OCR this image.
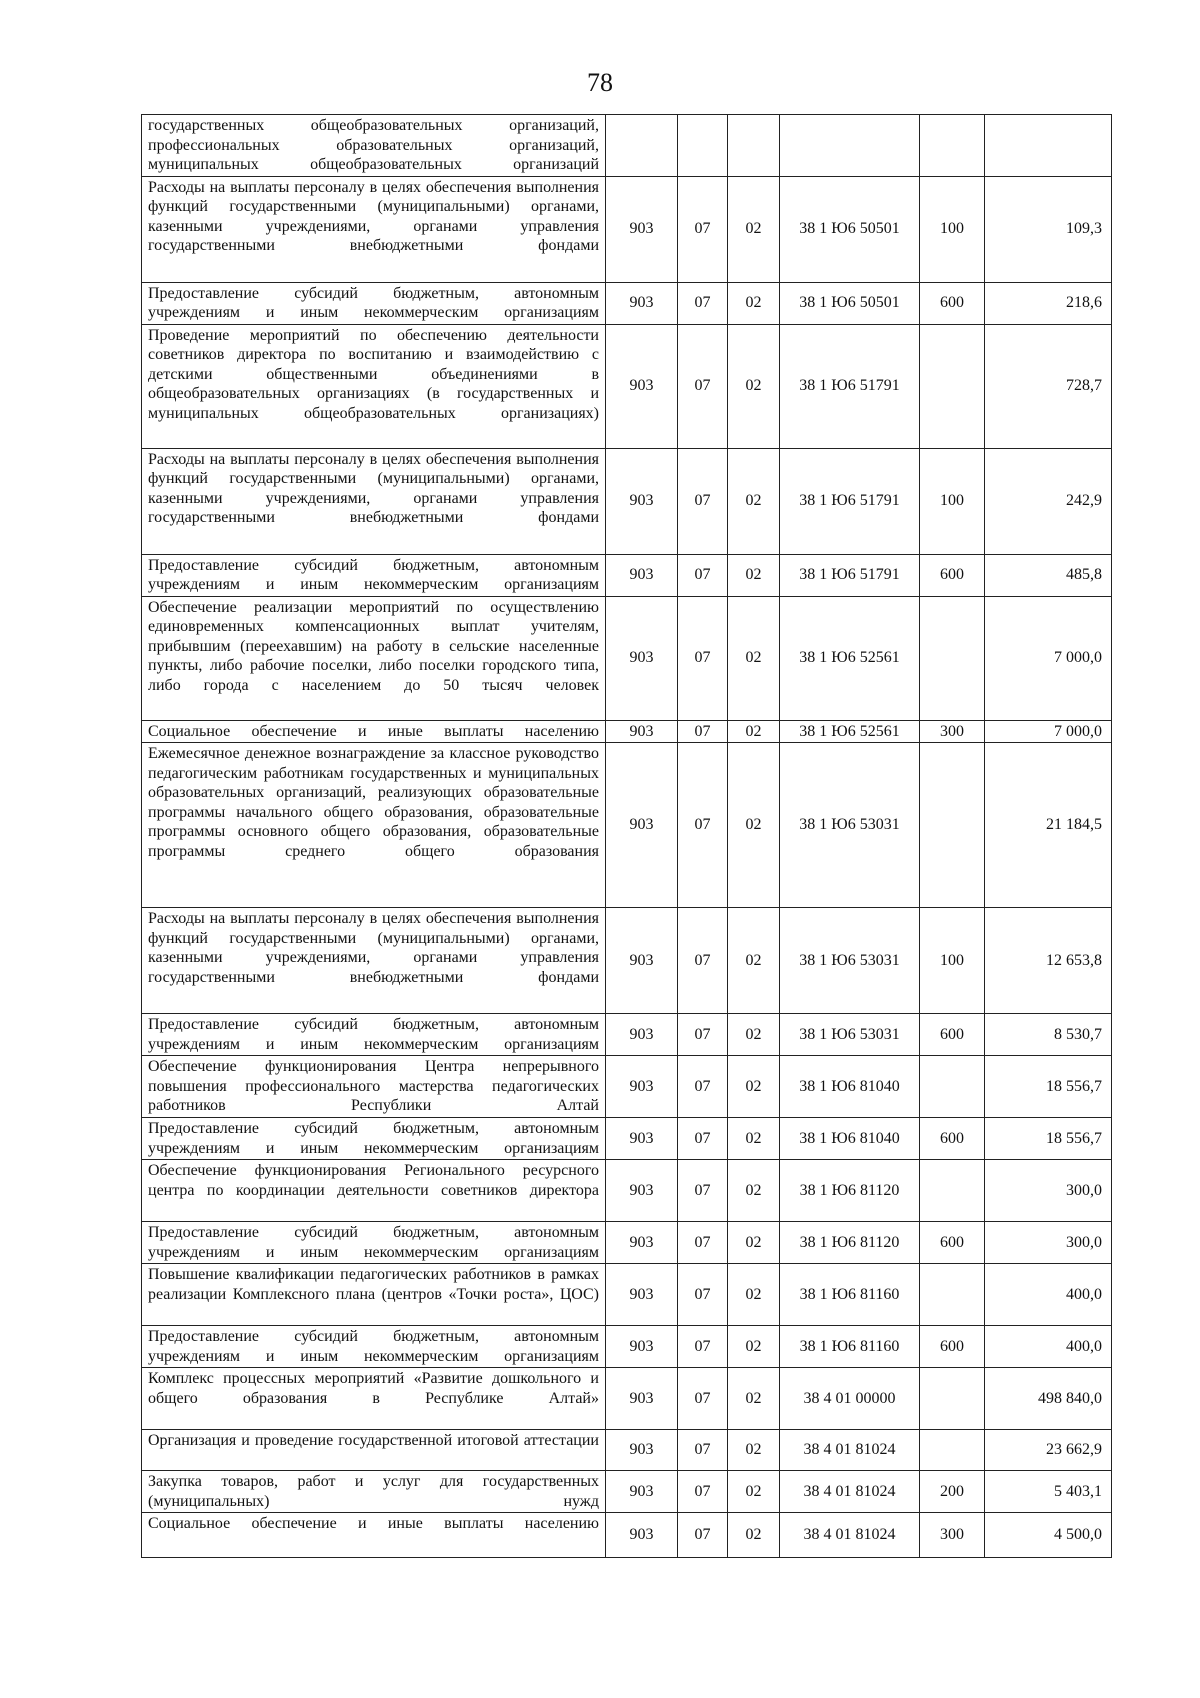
78
государственных общеобразовательных организаций, профессиональных образовательных организаций, муниципальных общеобразовательных организаций						
Расходы на выплаты персоналу в целях обеспечения выполнения функций государственными (муниципальными) органами, казенными учреждениями, органами управления государственными внебюджетными фондами	903	07	02	38 1 Ю6 50501	100	109,3
Предоставление субсидий бюджетным, автономным учреждениям и иным некоммерческим организациям	903	07	02	38 1 Ю6 50501	600	218,6
Проведение мероприятий по обеспечению деятельности советников директора по воспитанию и взаимодействию с детскими общественными объединениями в общеобразовательных организациях (в государственных и муниципальных общеобразовательных организациях)	903	07	02	38 1 Ю6 51791		728,7
Расходы на выплаты персоналу в целях обеспечения выполнения функций государственными (муниципальными) органами, казенными учреждениями, органами управления государственными внебюджетными фондами	903	07	02	38 1 Ю6 51791	100	242,9
Предоставление субсидий бюджетным, автономным учреждениям и иным некоммерческим организациям	903	07	02	38 1 Ю6 51791	600	485,8
Обеспечение реализации мероприятий по осуществлению единовременных компенсационных выплат учителям, прибывшим (переехавшим) на работу в сельские населенные пункты, либо рабочие поселки, либо поселки городского типа, либо города с населением до 50 тысяч человек	903	07	02	38 1 Ю6 52561		7 000,0
Социальное обеспечение и иные выплаты населению	903	07	02	38 1 Ю6 52561	300	7 000,0
Ежемесячное денежное вознаграждение за классное руководство педагогическим работникам государственных и муниципальных образовательных организаций, реализующих образовательные программы начального общего образования, образовательные программы основного общего образования, образовательные программы среднего общего образования	903	07	02	38 1 Ю6 53031		21 184,5
Расходы на выплаты персоналу в целях обеспечения выполнения функций государственными (муниципальными) органами, казенными учреждениями, органами управления государственными внебюджетными фондами	903	07	02	38 1 Ю6 53031	100	12 653,8
Предоставление субсидий бюджетным, автономным учреждениям и иным некоммерческим организациям	903	07	02	38 1 Ю6 53031	600	8 530,7
Обеспечение функционирования Центра непрерывного повышения профессионального мастерства педагогических работников Республики Алтай	903	07	02	38 1 Ю6 81040		18 556,7
Предоставление субсидий бюджетным, автономным учреждениям и иным некоммерческим организациям	903	07	02	38 1 Ю6 81040	600	18 556,7
Обеспечение функционирования Регионального ресурсного центра по координации деятельности советников директора	903	07	02	38 1 Ю6 81120		300,0
Предоставление субсидий бюджетным, автономным учреждениям и иным некоммерческим организациям	903	07	02	38 1 Ю6 81120	600	300,0
Повышение квалификации педагогических работников в рамках реализации Комплексного плана (центров «Точки роста», ЦОС)	903	07	02	38 1 Ю6 81160		400,0
Предоставление субсидий бюджетным, автономным учреждениям и иным некоммерческим организациям	903	07	02	38 1 Ю6 81160	600	400,0
Комплекс процессных мероприятий «Развитие дошкольного и общего образования в Республике Алтай»	903	07	02	38 4 01 00000		498 840,0
Организация и проведение государственной итоговой аттестации	903	07	02	38 4 01 81024		23 662,9
Закупка товаров, работ и услуг для государственных (муниципальных) нужд	903	07	02	38 4 01 81024	200	5 403,1
Социальное обеспечение и иные выплаты населению	903	07	02	38 4 01 81024	300	4 500,0
